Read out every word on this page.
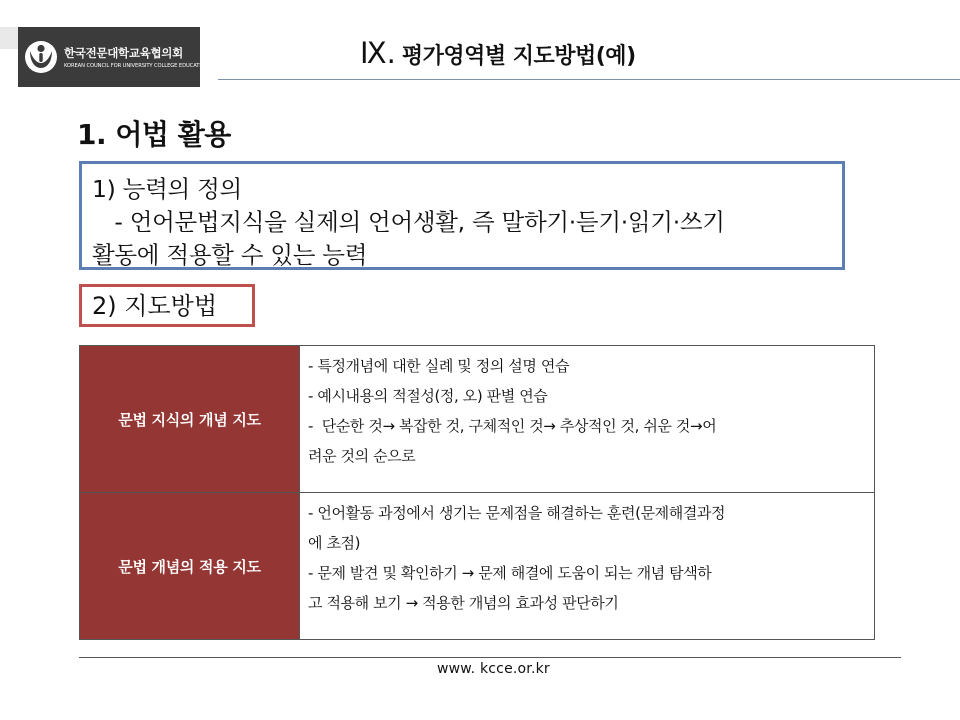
한국전문대학교육협의회
KOREAN COUNCIL FOR UNIVERSITY COLLEGE EDUCATION	Ⅸ. 평가영역별 지도방법(예)
1. 어법 활용
1) 능력의 정의
- 언어문법지식을 실제의 언어생활, 즉 말하기·듣기·읽기·쓰기
활동에 적용할 수 있는 능력
2) 지도방법
문법 지식의 개념 지도	- 특정개념에 대한 실례 및 정의 설명 연습
- 예시내용의 적절성(정, 오) 판별 연습
-  단순한 것→ 복잡한 것, 구체적인 것→ 추상적인 것, 쉬운 것→어
려운 것의 순으로

문법 개념의 적용 지도	- 언어활동 과정에서 생기는 문제점을 해결하는 훈련(문제해결과정
에 초점)
- 문제 발견 및 확인하기 → 문제 해결에 도움이 되는 개념 탐색하
고 적용해 보기 → 적용한 개념의 효과성 판단하기
www. kcce.or.kr
